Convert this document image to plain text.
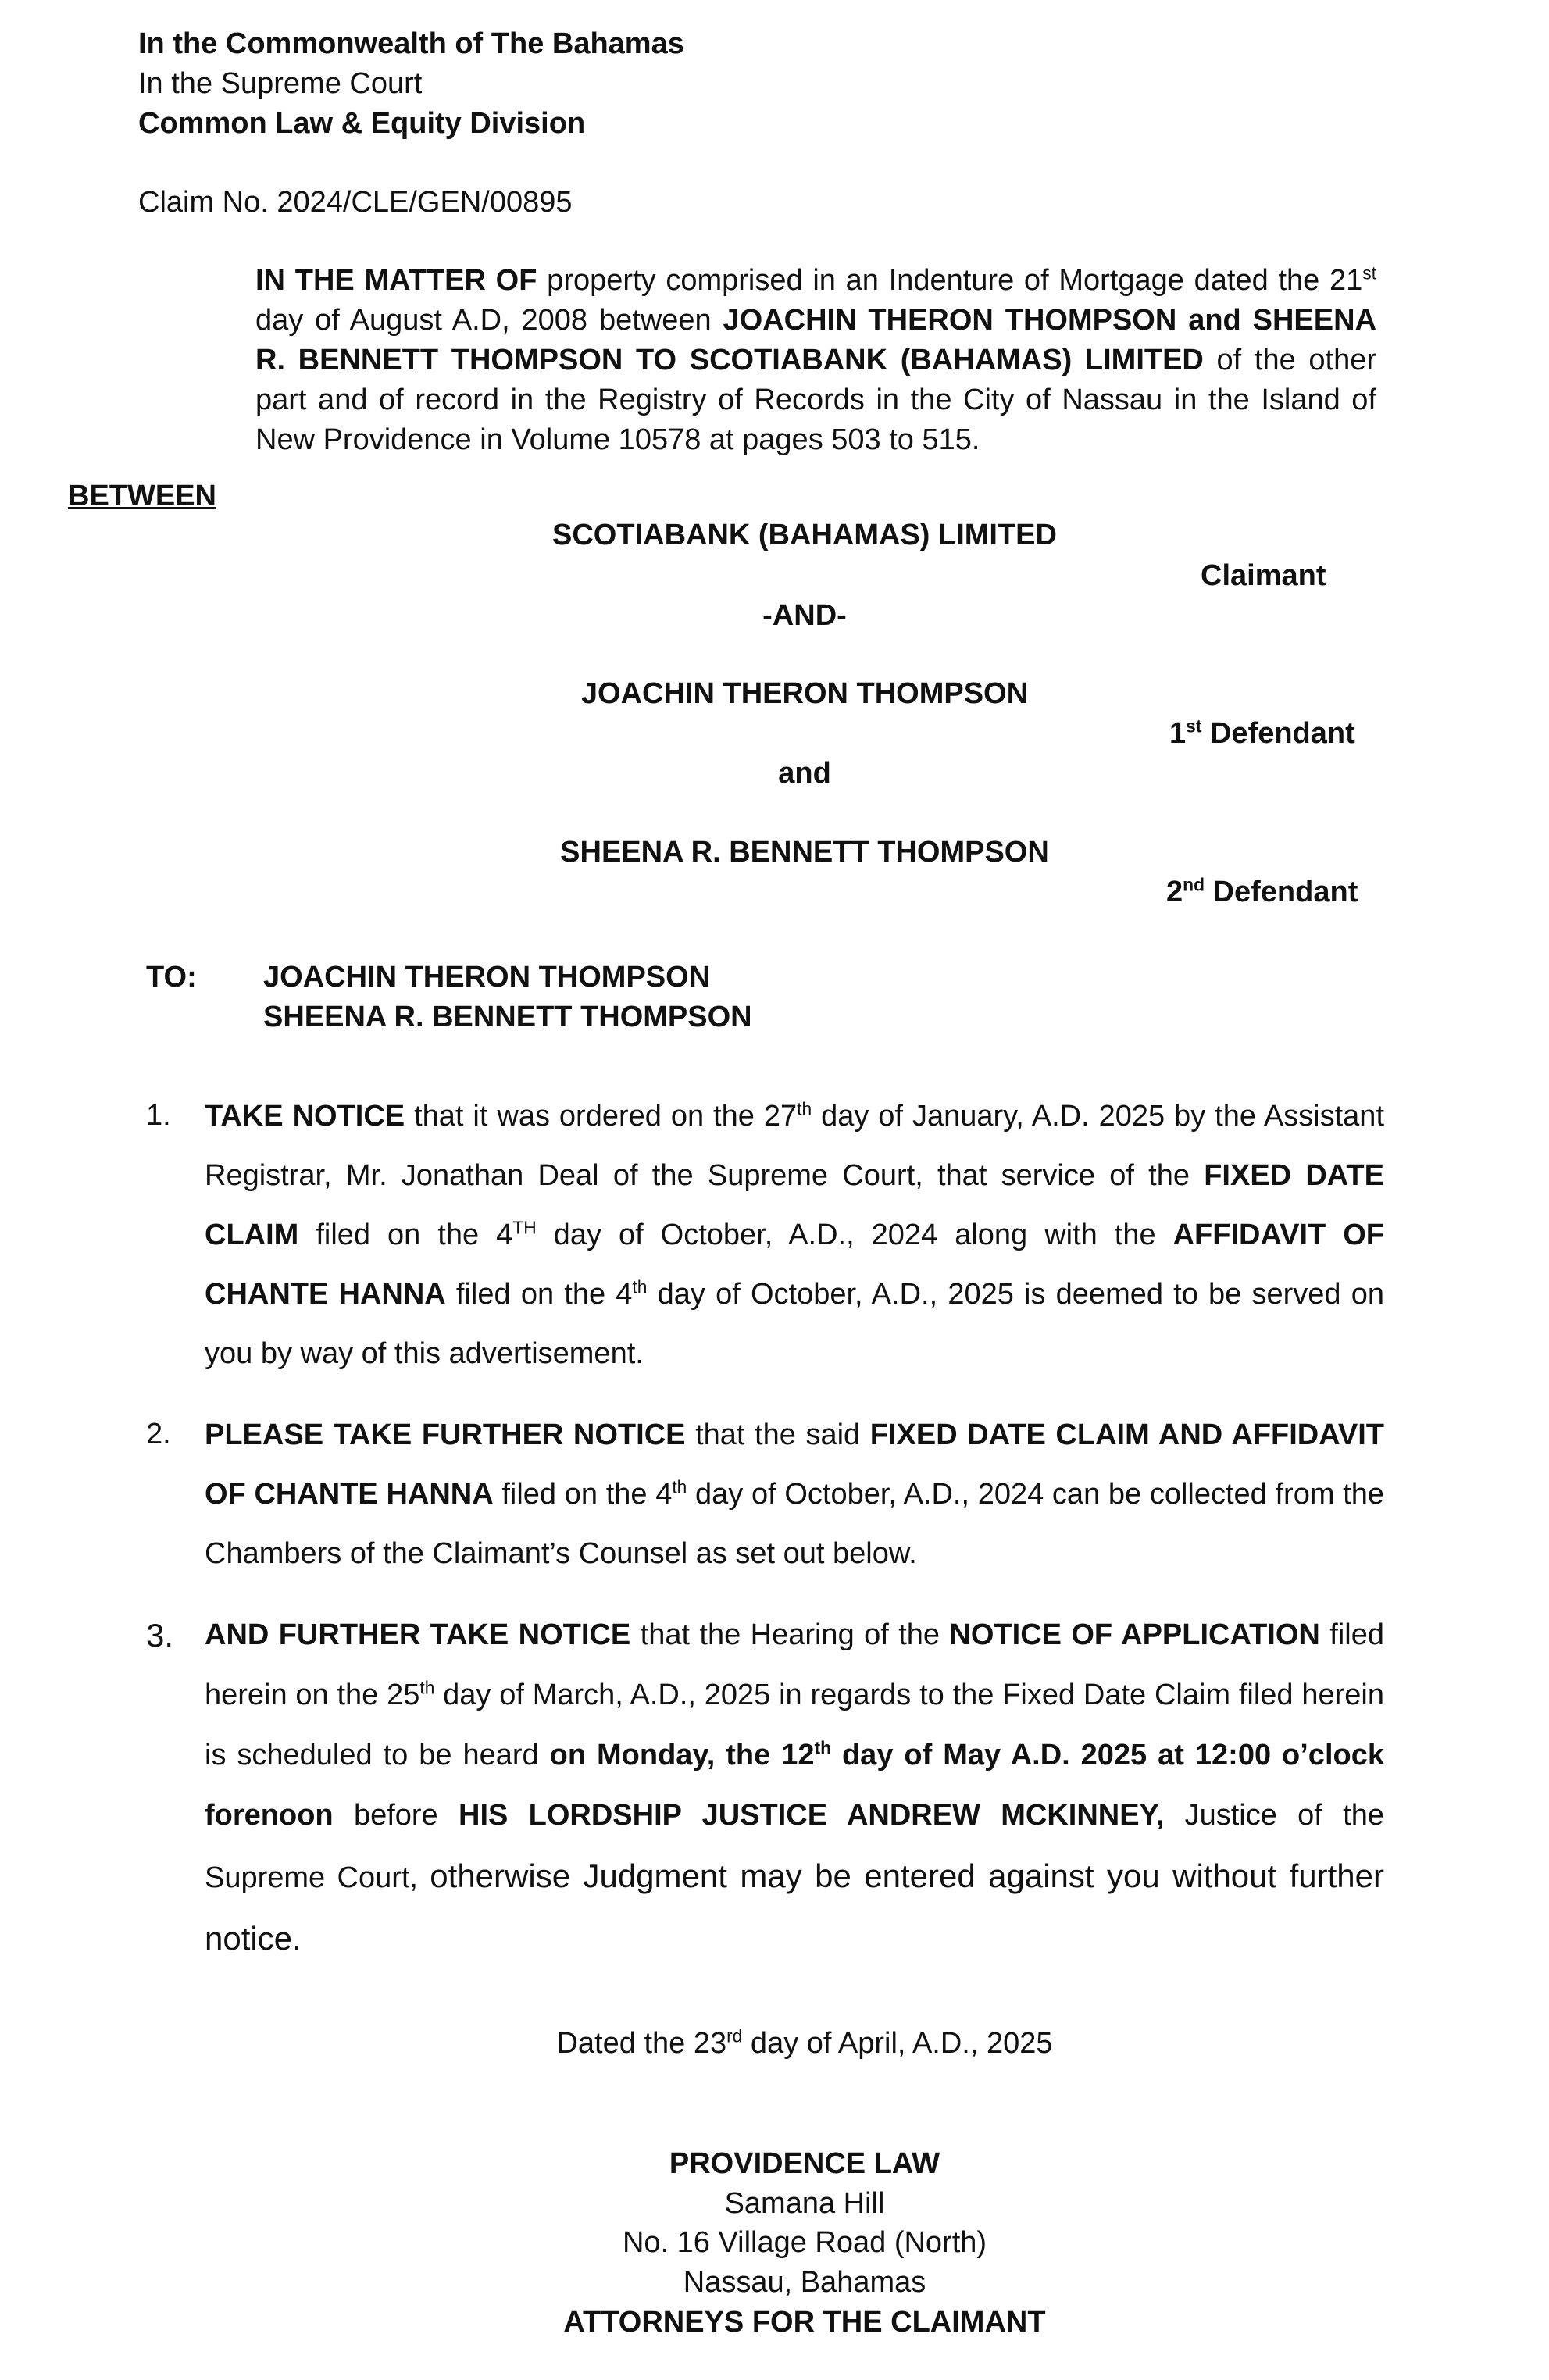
In the Commonwealth of The Bahamas
In the Supreme Court
Common Law & Equity Division
Claim No. 2024/CLE/GEN/00895
IN THE MATTER OF property comprised in an Indenture of Mortgage dated the 21st day of August A.D, 2008 between JOACHIN THERON THOMPSON and SHEENA R. BENNETT THOMPSON TO SCOTIABANK (BAHAMAS) LIMITED of the other part and of record in the Registry of Records in the City of Nassau in the Island of New Providence in Volume 10578 at pages 503 to 515.
BETWEEN
SCOTIABANK (BAHAMAS) LIMITED
Claimant
-AND-
JOACHIN THERON THOMPSON
1st Defendant
and
SHEENA R. BENNETT THOMPSON
2nd Defendant
TO: JOACHIN THERON THOMPSON
SHEENA R. BENNETT THOMPSON
1. TAKE NOTICE that it was ordered on the 27th day of January, A.D. 2025 by the Assistant Registrar, Mr. Jonathan Deal of the Supreme Court, that service of the FIXED DATE CLAIM filed on the 4TH day of October, A.D., 2024 along with the AFFIDAVIT OF CHANTE HANNA filed on the 4th day of October, A.D., 2025 is deemed to be served on you by way of this advertisement.
2. PLEASE TAKE FURTHER NOTICE that the said FIXED DATE CLAIM AND AFFIDAVIT OF CHANTE HANNA filed on the 4th day of October, A.D., 2024 can be collected from the Chambers of the Claimant’s Counsel as set out below.
3. AND FURTHER TAKE NOTICE that the Hearing of the NOTICE OF APPLICATION filed herein on the 25th day of March, A.D., 2025 in regards to the Fixed Date Claim filed herein is scheduled to be heard on Monday, the 12th day of May A.D. 2025 at 12:00 o’clock forenoon before HIS LORDSHIP JUSTICE ANDREW MCKINNEY, Justice of the Supreme Court, otherwise Judgment may be entered against you without further notice.
Dated the 23rd day of April, A.D., 2025
PROVIDENCE LAW
Samana Hill
No. 16 Village Road (North)
Nassau, Bahamas
ATTORNEYS FOR THE CLAIMANT
